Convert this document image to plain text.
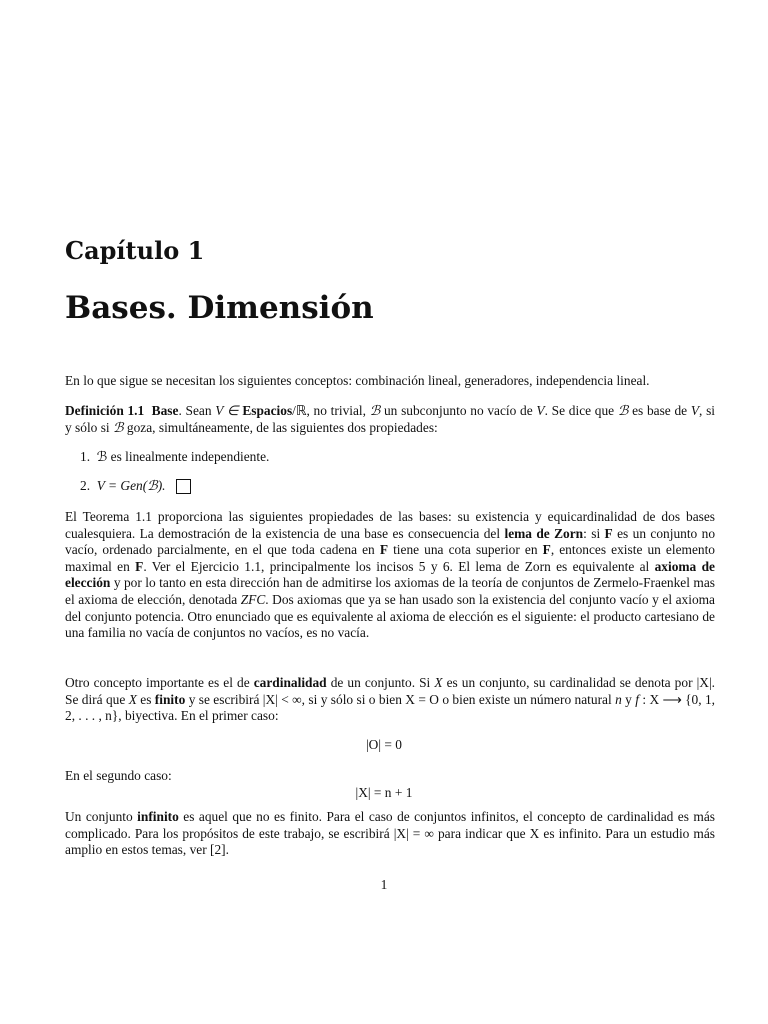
Capítulo 1
Bases. Dimensión

En lo que sigue se necesitan los siguientes conceptos: combinación lineal, generadores, independencia lineal.

Definición 1.1 Base. Sean V ∈ Espacios/ℝ, no trivial, ℬ un subconjunto no vacío de V. Se dice que ℬ es base de V, si y sólo si ℬ goza, simultáneamente, de las siguientes dos propiedades:

1. ℬ es linealmente independiente.
2.
V = Gen(ℬ).

El Teorema 1.1 proporciona las siguientes propiedades de las bases: su existencia y equicardinalidad de dos bases cualesquiera. La demostración de la existencia de una base es consecuencia del lema de Zorn: si F es un conjunto no vacío, ordenado parcialmente, en el que toda cadena en F tiene una cota superior en F, entonces existe un elemento maximal en F. Ver el Ejercicio 1.1, principalmente los incisos 5 y 6. El lema de Zorn es equivalente al axioma de elección y por lo tanto en esta dirección han de admitirse los axiomas de la teoría de conjuntos de Zermelo-Fraenkel mas el axioma de elección, denotada ZFC. Dos axiomas que ya se han usado son la existencia del conjunto vacío y el axioma del conjunto potencia. Otro enunciado que es equivalente al axioma de elección es el siguiente: el producto cartesiano de una familia no vacía de conjuntos no vacíos, es no vacía.

Otro concepto importante es el de cardinalidad de un conjunto. Si X es un conjunto, su cardinalidad se denota por |X|. Se dirá que X es finito y se escribirá |X| < ∞, si y sólo si o bien X = O o bien existe un número natural n y f : X ⟶ {0, 1, 2, . . . , n}, biyectiva. En el primer caso:

|O| = 0

En el segundo caso:

|X| = n + 1

Un conjunto infinito es aquel que no es finito. Para el caso de conjuntos infinitos, el concepto de cardinalidad es más complicado. Para los propósitos de este trabajo, se escribirá |X| = ∞ para indicar que X es infinito. Para un estudio más amplio en estos temas, ver [2].

1
